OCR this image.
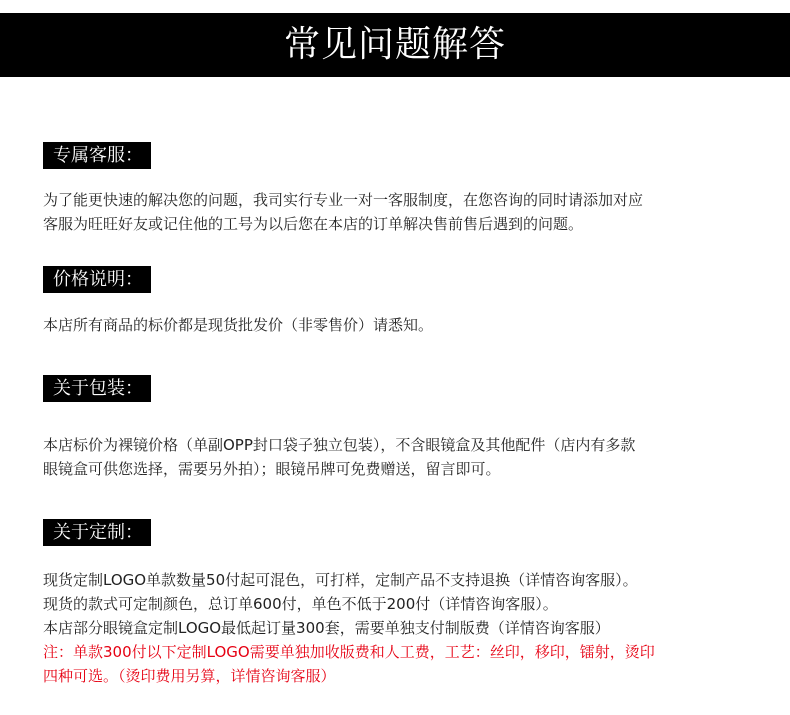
常见问题解答
专属客服：

为了能更快速的解决您的问题，我司实行专业一对一客服制度，在您咨询的同时请添加对应
客服为旺旺好友或记住他的工号为以后您在本店的订单解决售前售后遇到的问题。

价格说明：

本店所有商品的标价都是现货批发价（非零售价）请悉知。

关于包装：

本店标价为裸镜价格（单副OPP封口袋子独立包装），不含眼镜盒及其他配件（店内有多款
眼镜盒可供您选择，需要另外拍）；眼镜吊牌可免费赠送，留言即可。

关于定制：

现货定制LOGO单款数量50付起可混色，可打样，定制产品不支持退换（详情咨询客服）。
现货的款式可定制颜色，总订单600付，单色不低于200付（详情咨询客服）。
本店部分眼镜盒定制LOGO最低起订量300套，需要单独支付制版费（详情咨询客服）
注：单款300付以下定制LOGO需要单独加收版费和人工费，工艺：丝印，移印，镭射，烫印
四种可选。（烫印费用另算，详情咨询客服）
